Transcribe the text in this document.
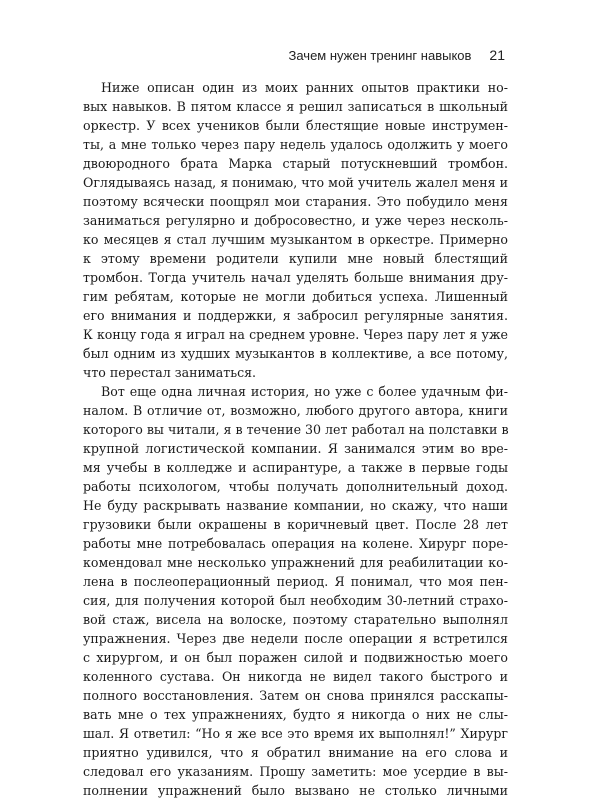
Зачем нужен тренинг навыков 21

Ниже описан один из моих ранних опытов практики но-
вых навыков. В пятом классе я решил записаться в школьный
оркестр. У всех учеников были блестящие новые инструмен-
ты, а мне только через пару недель удалось одолжить у моего
двоюродного брата Марка старый потускневший тромбон.
Оглядываясь назад, я понимаю, что мой учитель жалел меня и
поэтому всячески поощрял мои старания. Это побудило меня
заниматься регулярно и добросовестно, и уже через несколь-
ко месяцев я стал лучшим музыкантом в оркестре. Примерно
к этому времени родители купили мне новый блестящий
тромбон. Тогда учитель начал уделять больше внимания дру-
гим ребятам, которые не могли добиться успеха. Лишенный
его внимания и поддержки, я забросил регулярные занятия.
К концу года я играл на среднем уровне. Через пару лет я уже
был одним из худших музыкантов в коллективе, а все потому,
что перестал заниматься.

Вот еще одна личная история, но уже с более удачным фи-
налом. В отличие от, возможно, любого другого автора, книги
которого вы читали, я в течение 30 лет работал на полставки в
крупной логистической компании. Я занимался этим во вре-
мя учебы в колледже и аспирантуре, а также в первые годы
работы психологом, чтобы получать дополнительный доход.
Не буду раскрывать название компании, но скажу, что наши
грузовики были окрашены в коричневый цвет. После 28 лет
работы мне потребовалась операция на колене. Хирург поре-
комендовал мне несколько упражнений для реабилитации ко-
лена в послеоперационный период. Я понимал, что моя пен-
сия, для получения которой был необходим 30-летний страхо-
вой стаж, висела на волоске, поэтому старательно выполнял
упражнения. Через две недели после операции я встретился
с хирургом, и он был поражен силой и подвижностью моего
коленного сустава. Он никогда не видел такого быстрого и
полного восстановления. Затем он снова принялся расскапы-
вать мне о тех упражнениях, будто я никогда о них не слы-
шал. Я ответил: “Но я же все это время их выполнял!” Хирург
приятно удивился, что я обратил внимание на его слова и
следовал его указаниям. Прошу заметить: мое усердие в вы-
полнении упражнений было вызвано не столько личными
